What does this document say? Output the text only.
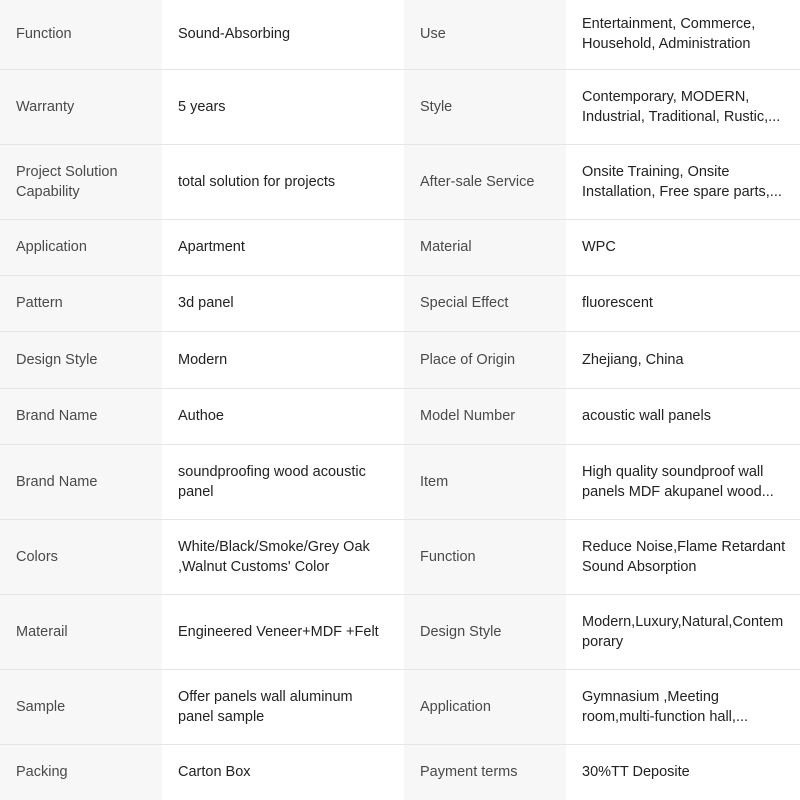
Function	Sound-Absorbing	Use	Entertainment, Commerce, Household, Administration

Warranty	5 years	Style	Contemporary, MODERN, Industrial, Traditional, Rustic,...

Project Solution Capability	total solution for projects	After-sale Service	Onsite Training, Onsite Installation, Free spare parts,...

Application	Apartment	Material	WPC

Pattern	3d panel	Special Effect	fluorescent

Design Style	Modern	Place of Origin	Zhejiang, China

Brand Name	Authoe	Model Number	acoustic wall panels

Brand Name	soundproofing wood acoustic panel	Item	High quality soundproof wall panels MDF akupanel wood...

Colors	White/Black/Smoke/Grey Oak ,Walnut Customs' Color	Function	Reduce Noise,Flame Retardant Sound Absorption

Materail	Engineered Veneer+MDF +Felt	Design Style	Modern,Luxury,Natural,Contemporary

Sample	Offer panels wall aluminum panel sample	Application	Gymnasium ,Meeting room,multi-function hall,...

Packing	Carton Box	Payment terms	30%TT Deposite
